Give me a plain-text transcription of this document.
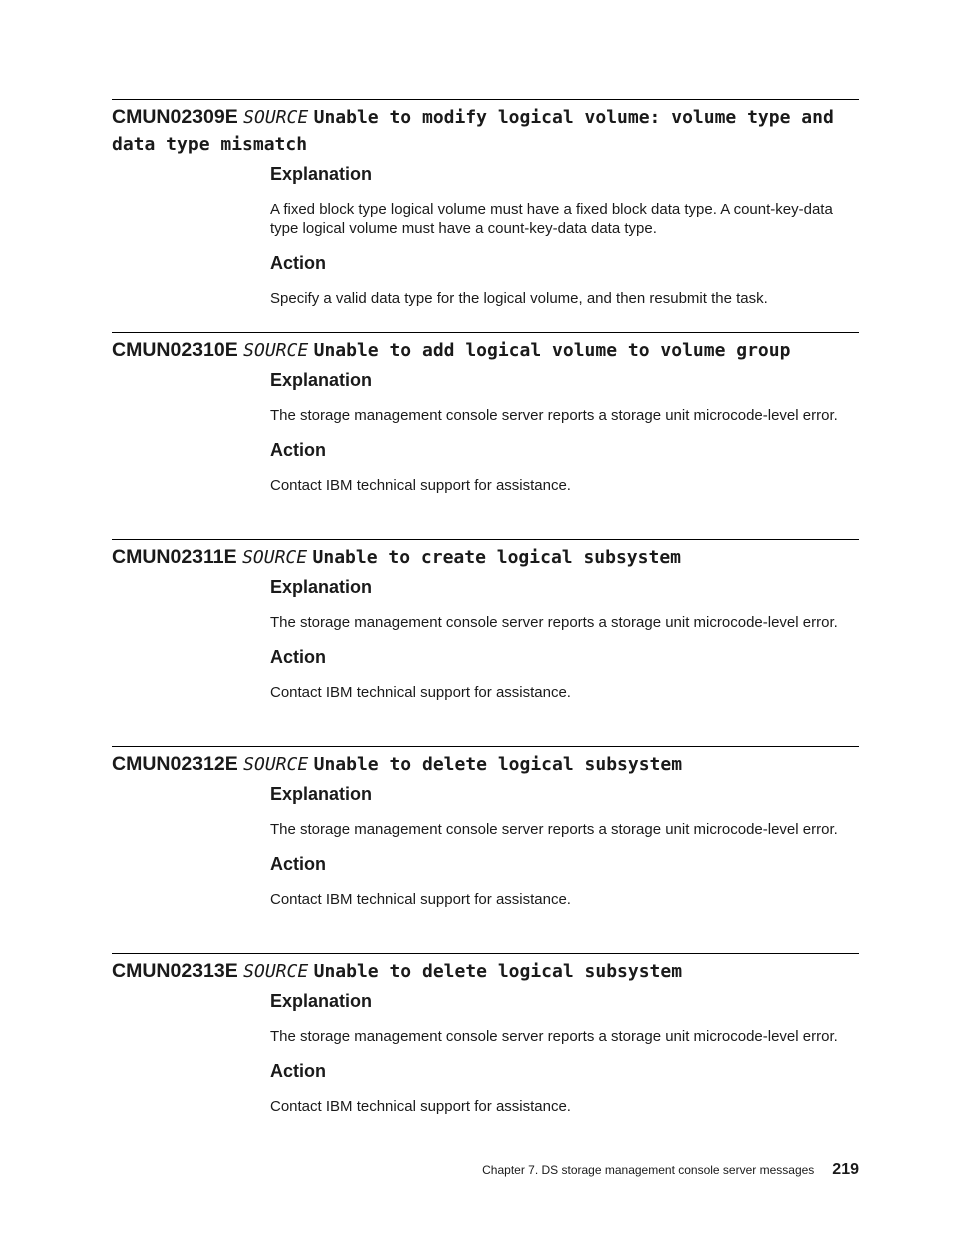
CMUN02309E SOURCE Unable to modify logical volume: volume type and data type mismatch
Explanation

A fixed block type logical volume must have a fixed block data type. A count-key-data type logical volume must have a count-key-data data type.

Action

Specify a valid data type for the logical volume, and then resubmit the task.

CMUN02310E SOURCE Unable to add logical volume to volume group
Explanation

The storage management console server reports a storage unit microcode-level error.

Action

Contact IBM technical support for assistance.

CMUN02311E SOURCE Unable to create logical subsystem
Explanation

The storage management console server reports a storage unit microcode-level error.

Action

Contact IBM technical support for assistance.

CMUN02312E SOURCE Unable to delete logical subsystem
Explanation

The storage management console server reports a storage unit microcode-level error.

Action

Contact IBM technical support for assistance.

CMUN02313E SOURCE Unable to delete logical subsystem
Explanation

The storage management console server reports a storage unit microcode-level error.

Action

Contact IBM technical support for assistance.

Chapter 7. DS storage management console server messages 219
